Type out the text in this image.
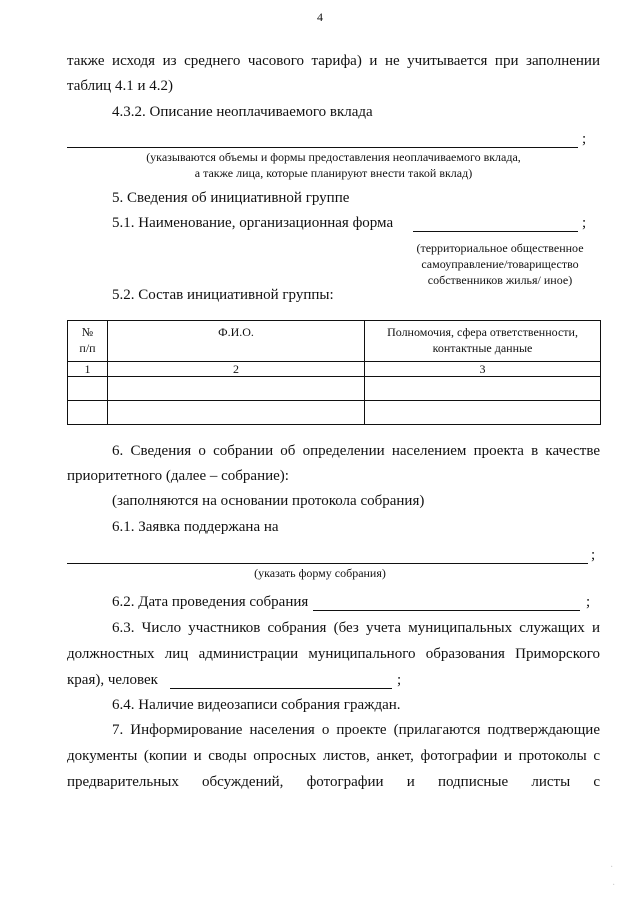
4
также исходя из среднего часового тарифа) и не учитывается при заполнении
таблиц 4.1 и 4.2)
4.3.2. Описание неоплачиваемого вклада
;
(указываются объемы и формы предоставления неоплачиваемого вклада,
а также лица, которые планируют внести такой вклад)
5. Сведения об инициативной группе
5.1. Наименование, организационная форма	;
(территориальное общественное
самоуправление/товарищество
собственников жилья/ иное)
5.2. Состав инициативной группы:
№
п/п	Ф.И.О.	Полномочия, сфера ответственности,
контактные данные
1	2	3

6. Сведения о собрании об определении населением проекта в качестве
приоритетного (далее – собрание):
(заполняются на основании протокола собрания)
6.1. Заявка поддержана на
;
(указать форму собрания)
6.2. Дата проведения собрания	;
6.3. Число участников собрания (без учета муниципальных служащих и
должностных лиц администрации муниципального образования Приморского
края), человек	;
6.4. Наличие видеозаписи собрания граждан.
7. Информирование населения о проекте (прилагаются подтверждающие
документы (копии и своды опросных листов, анкет, фотографии и протоколы с
предварительных обсуждений, фотографии и подписные листы с
·
·
